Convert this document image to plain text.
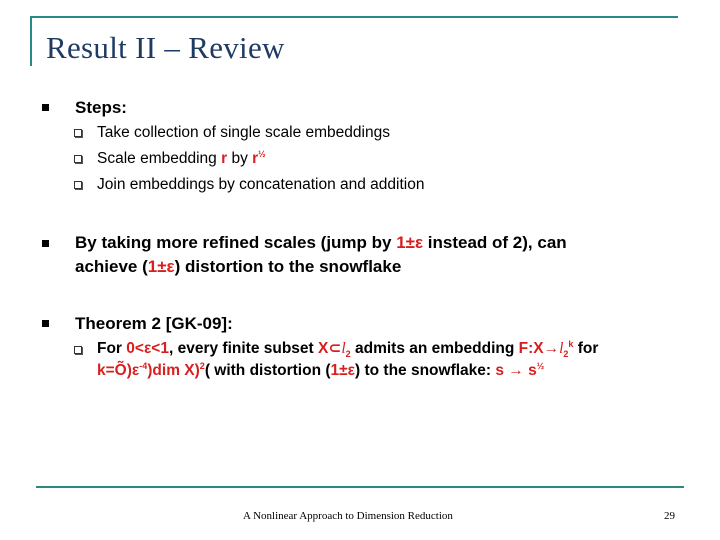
Result II – Review
Steps:
Take collection of single scale embeddings
Scale embedding r by $r^{\frac{1}{2}}$
Join embeddings by concatenation and addition
By taking more refined scales (jump by 1±ε instead of 2), can
achieve (1±ε) distortion to the snowflake
Theorem 2 [GK-09]:
For 0<ε<1, every finite subset $X\subset l_2$ admits an embedding $F:X\to l_2^k$ for
$k=Õ)\varepsilon^{-4})dim$ X)$^2$( with distortion (1±ε) to the snowflake: $s \to s^{\frac{1}{2}}$
A Nonlinear Approach to Dimension Reduction	29
